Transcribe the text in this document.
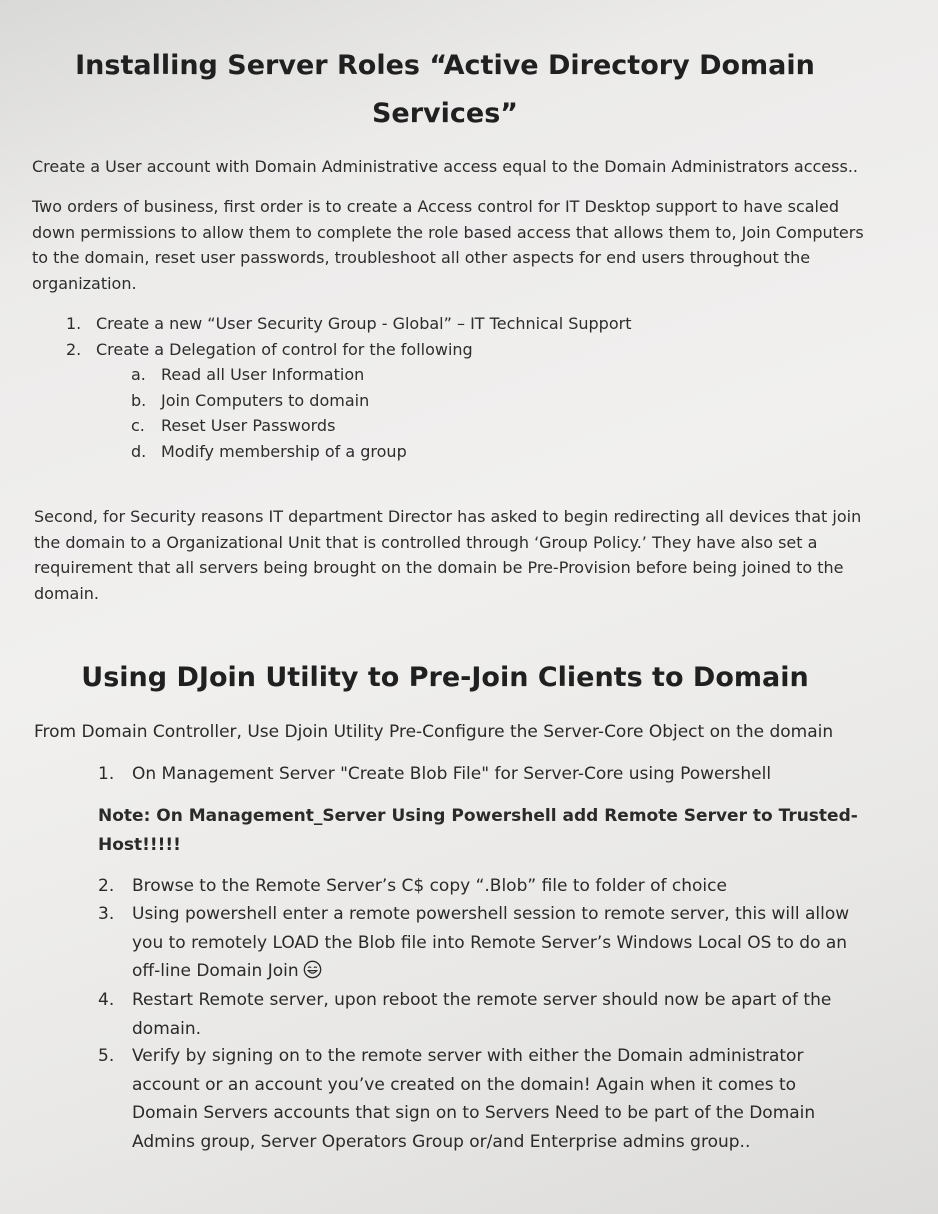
Installing Server Roles “Active Directory Domain
Services”
Create a User account with Domain Administrative access equal to the Domain Administrators access..
Two orders of business, first order is to create a Access control for IT Desktop support to have scaled
down permissions to allow them to complete the role based access that allows them to, Join Computers
to the domain, reset user passwords, troubleshoot all other aspects for end users throughout the
organization.
1. Create a new “User Security Group - Global” – IT Technical Support
2. Create a Delegation of control for the following
a. Read all User Information
b. Join Computers to domain
c. Reset User Passwords
d. Modify membership of a group
Second, for Security reasons IT department Director has asked to begin redirecting all devices that join
the domain to a Organizational Unit that is controlled through ‘Group Policy.’ They have also set a
requirement that all servers being brought on the domain be Pre-Provision before being joined to the
domain.
Using DJoin Utility to Pre-Join Clients to Domain
From Domain Controller, Use Djoin Utility Pre-Configure the Server-Core Object on the domain
1. On Management Server "Create Blob File" for Server-Core using Powershell
Note: On Management_Server Using Powershell add Remote Server to Trusted-
Host!!!!!
2. Browse to the Remote Server’s C$ copy “.Blob” file to folder of choice
3. Using powershell enter a remote powershell session to remote server, this will allow
you to remotely LOAD the Blob file into Remote Server’s Windows Local OS to do an
off-line Domain Join
4. Restart Remote server, upon reboot the remote server should now be apart of the
domain.
5. Verify by signing on to the remote server with either the Domain administrator
account or an account you’ve created on the domain! Again when it comes to
Domain Servers accounts that sign on to Servers Need to be part of the Domain
Admins group, Server Operators Group or/and Enterprise admins group..
